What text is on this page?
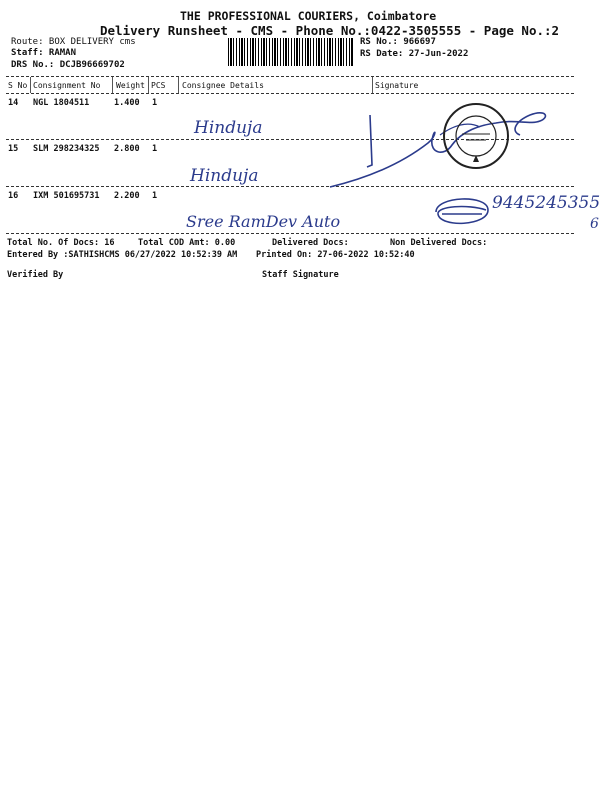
THE PROFESSIONAL COURIERS, Coimbatore
Delivery Runsheet - CMS - Phone No.:0422-3505555 - Page No.:2
Route: BOX DELIVERY cms
Staff: RAMAN
DRS No.: DCJB96669702
RS No.: 966697
RS Date: 27-Jun-2022
S No Consignment No Weight PCS Consignee Details	Signature
14 NGL 1804511	1.400 1
Hinduja
15 SLM 298234325 2.800 1
Hinduja
16 IXM 501695731 2.200 1
Sree RamDev Auto
9445245355
6
Total No. Of Docs: 16	Total COD Amt: 0.00	Delivered Docs:	Non Delivered Docs:
Entered By :SATHISHCMS 06/27/2022 10:52:39 AM Printed On: 27-06-2022 10:52:40
Verified By	Staff Signature
